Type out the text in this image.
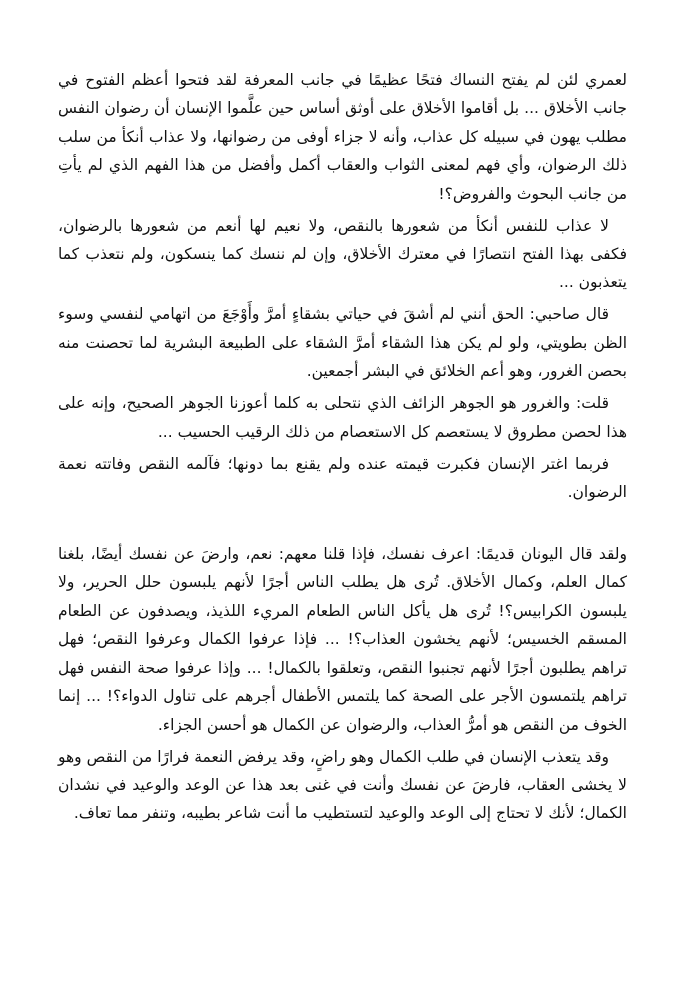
لعمري لئن لم يفتح النساك فتحًا عظيمًا في جانب المعرفة لقد فتحوا أعظم الفتوح في جانب الأخلاق ... بل أقاموا الأخلاق على أوثق أساس حين علَّموا الإنسان أن رضوان النفس مطلب يهون في سبيله كل عذاب، وأنه لا جزاء أوفى من رضوانها، ولا عذاب أنكأ من سلب ذلك الرضوان، وأي فهم لمعنى الثواب والعقاب أكمل وأفضل من هذا الفهم الذي لم يأتِ من جانب البحوث والفروض؟!

لا عذاب للنفس أنكأ من شعورها بالنقص، ولا نعيم لها أنعم من شعورها بالرضوان، فكفى بهذا الفتح انتصارًا في معترك الأخلاق، وإن لم ننسك كما ينسكون، ولم نتعذب كما يتعذبون ...

قال صاحبي: الحق أنني لم أشقَ في حياتي بشقاءٍ أمرَّ وأَوْجَعَ من اتهامي لنفسي وسوء الظن بطويتي، ولو لم يكن هذا الشقاء أمرَّ الشقاء على الطبيعة البشرية لما تحصنت منه بحصن الغرور، وهو أعم الخلائق في البشر أجمعين.

قلت: والغرور هو الجوهر الزائف الذي نتحلى به كلما أعوزنا الجوهر الصحيح، وإنه على هذا لحصن مطروق لا يستعصم كل الاستعصام من ذلك الرقيب الحسيب ...

فربما اغتر الإنسان فكبرت قيمته عنده ولم يقنع بما دونها؛ فآلمه النقص وفاتته نعمة الرضوان.

ولقد قال اليونان قديمًا: اعرف نفسك، فإذا قلنا معهم: نعم، وارضَ عن نفسك أيضًا، بلغنا كمال العلم، وكمال الأخلاق. تُرى هل يطلب الناس أجرًا لأنهم يلبسون حلل الحرير، ولا يلبسون الكرابيس؟! تُرى هل يأكل الناس الطعام المريء اللذيذ، ويصدفون عن الطعام المسقم الخسيس؛ لأنهم يخشون العذاب؟! ... فإذا عرفوا الكمال وعرفوا النقص؛ فهل تراهم يطلبون أجرًا لأنهم تجنبوا النقص، وتعلقوا بالكمال! ... وإذا عرفوا صحة النفس فهل تراهم يلتمسون الأجر على الصحة كما يلتمس الأطفال أجرهم على تناول الدواء؟! ... إنما الخوف من النقص هو أمرُّ العذاب، والرضوان عن الكمال هو أحسن الجزاء.

وقد يتعذب الإنسان في طلب الكمال وهو راضٍ، وقد يرفض النعمة فرارًا من النقص وهو لا يخشى العقاب، فارضَ عن نفسك وأنت في غنى بعد هذا عن الوعد والوعيد في نشدان الكمال؛ لأنك لا تحتاج إلى الوعد والوعيد لتستطيب ما أنت شاعر بطيبه، وتنفر مما تعاف.
